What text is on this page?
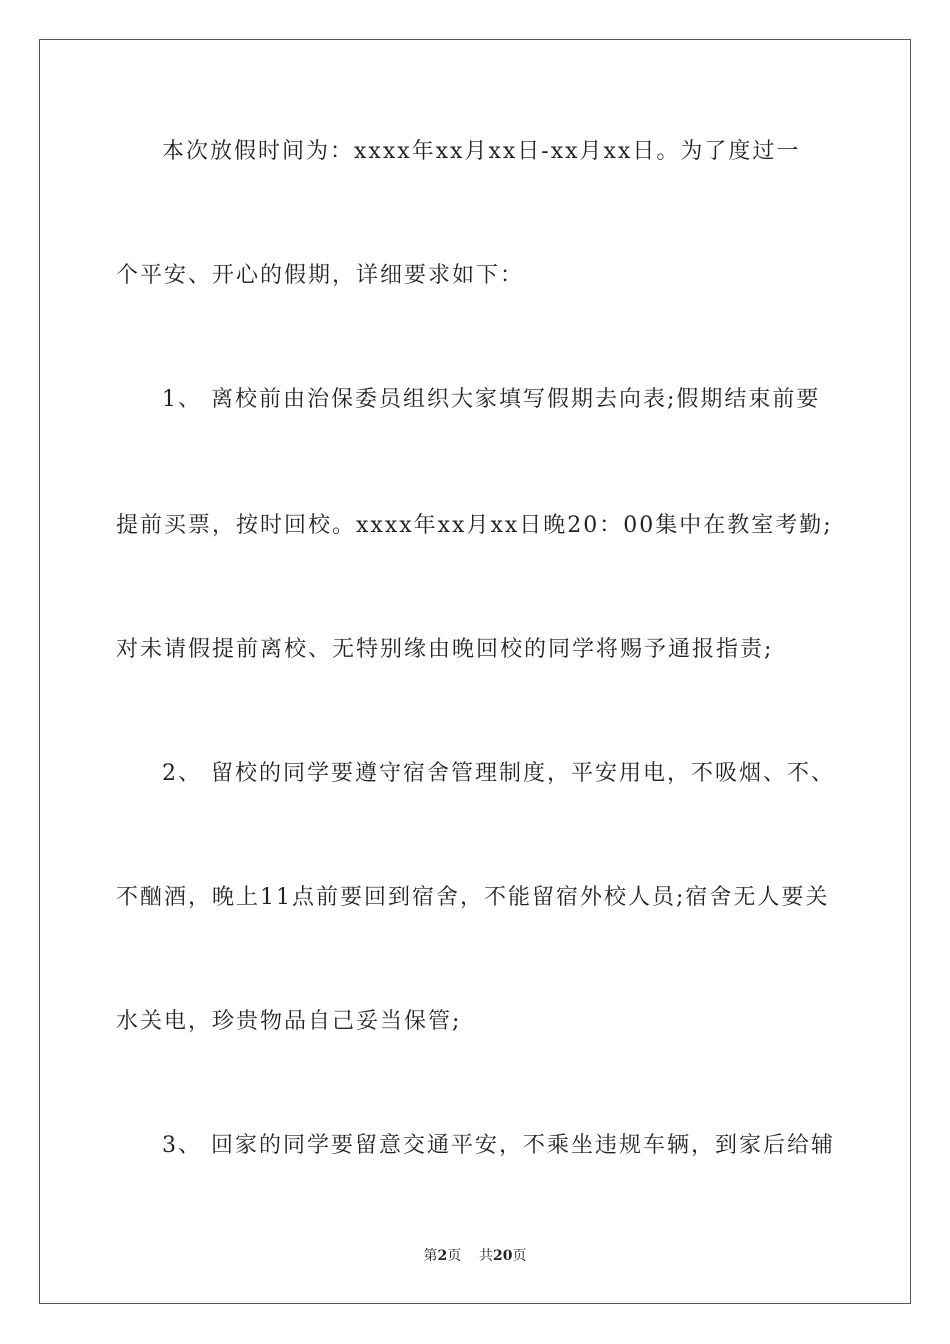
本次放假时间为：xxxx年xx月xx日-xx月xx日。为了度过一
个平安、开心的假期，详细要求如下：
1、 离校前由治保委员组织大家填写假期去向表;假期结束前要
提前买票，按时回校。xxxx年xx月xx日晚20：00集中在教室考勤;
对未请假提前离校、无特别缘由晚回校的同学将赐予通报指责;
2、 留校的同学要遵守宿舍管理制度，平安用电，不吸烟、不、
不酗酒，晚上11点前要回到宿舍，不能留宿外校人员;宿舍无人要关
水关电，珍贵物品自己妥当保管;
3、 回家的同学要留意交通平安，不乘坐违规车辆，到家后给辅
第2页 共20页
